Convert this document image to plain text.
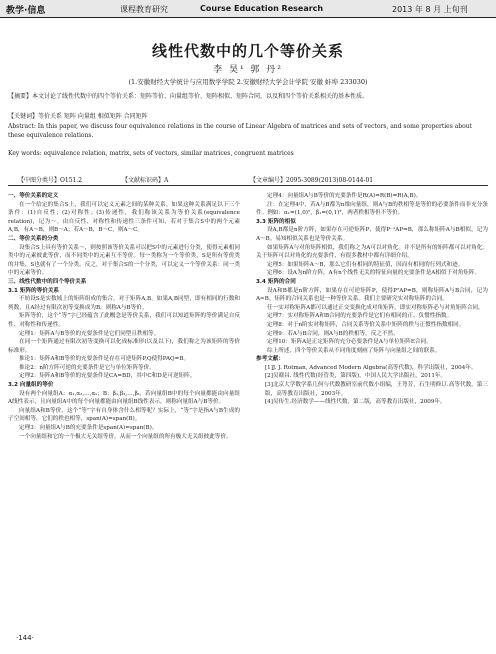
教学·信息	课程教育研究	Course Education Research	2013 年 8 月 上旬刊
线性代数中的几个等价关系
李 昊¹ 郭 丹²
(1.安徽财经大学统计与应用数学学院 2.安徽财经大学会计学院 安徽 蚌埠 233030)
【摘要】本文讨论了线性代数中的四个等价关系：矩阵等价、向量组等价、矩阵相似、矩阵合同，以及和四个等价关系相关的基本性质。
【关键词】等价关系 矩阵 向量组 相似矩阵 合同矩阵
Abstract: In this paper, we discuss four equivalence relations in the course of Linear Algebra of matrices and sets of vectors, and some properties about these equivalence relations.
Key words: equivalence relation, matrix, sets of vectors, similar matrices, congruent matrices
【中图分类号】O151.2	【文献标识码】A	【文章编号】2095-3089(2013)08-0144-01

一、等价关系的定义

在一个给定的集合S上，我们可以定义元素之间的某种关系。如果这种关系满足以下三个条件：(1)自反性；(2)对称性；(3)传递性，我们称该关系为等价关系(equivalence relation)，记为～。由自反性、对称性和传递性三条件可知，若对于集合S中的两个元素A,B，有A～B，则B～A；若A～B，B～C，则A～C。

二、等价关系的分类

设集合S上具有等价关系～，则按照该等价关系可以把S中的元素进行分类，使得元素相同类中的元素彼此等价，而不同类中的元素互不等价。每一类称为一个等价类，S是所有等价类的并集，S也就有了一个分类。反之，对于集合S的一个分类，可以定义一个等价关系：同一类中的元素等价。

三、线性代数中的四个等价关系

3.1 矩阵的等价关系

不妨设S是实数域上的矩阵组成的集合。对于矩阵A,B，如果A,B同型，即有相同的行数和列数，且A经过有限次初等变换成为B，则称A与B等价。

矩阵等价，这个“等”字已经蕴含了此概念是等价关系，我们可以知道矩阵的等价满足自反性、对称性和传递性。

定理1：矩阵A与B等价的充要条件是它们同型且秩相等。

在同一个矩阵通过有限次初等变换可以化成标准形(以及以下)，我们称之为该矩阵的等价标准形。

推论1：矩阵A和B等价的充要条件是存在可逆矩阵P,Q使得PAQ=B。

推论2：n阶方阵可逆的充要条件是它与单位矩阵等价。

定理2：矩阵A和B等价的充要条件是CA=BD，其中C和D是可逆矩阵。

3.2 向量组的等价

设有两个向量组A：α₁,α₂,…,αₛ；B：β₁,β₂,…,βₜ，若向量组B中的每个向量都能由向量组A线性表示，且向量组A中的每个向量都能由向量组B线性表示，则称向量组A与B等价。

向量组A和B等价，这个“等”字有自身体含什么相等呢？实际上，“等”字是指A与B生成的子空间相等，它们的秩也相等，span(A)=span(B)。

定理3：向量组A与B的充要条件是span(A)=span(B)。

一个向量组和它的一个极大无关组等价，从而一个向量组的所有极大无关组彼此等价。

定理4：向量组A与B等价的充要条件是R(A)=R(B)=R(A,B)。

注：在定理4中，若A与B都为n维向量组，则A与B的秩相等是等价的必要条件而非充分条件。例如：α₁=(1,0)ᵀ，β₁=(0,1)ᵀ，两者秩相等但不等价。

3.3 矩阵的相似

设A,B都是n阶方阵，如果存在可逆矩阵P，使得P⁻¹AP=B，那么称矩阵A与B相似，记为A～B。易知相似关系也是等价关系。

如果矩阵A与对角矩阵相似，我们称之为A可以对角化。并不是所有的矩阵都可以对角化。关于矩阵可以对角化的充要条件，有很多教材中都有详细介绍。

定理5：如果矩阵A～B，那么它们有相同的特征值，因而有相同的行列式和迹。

定理6：设A为n阶方阵，A有n个线性无关的特征向量的充要条件是A相似于对角矩阵。

3.4 矩阵的合同

设A和B都是n阶方阵，如果存在可逆矩阵P，使得PᵀAP=B，则称矩阵A与B合同，记为A≃B。矩阵的合同关系也是一种等价关系。我们主要研究实对称矩阵的合同。

任一实对称矩阵A都可以通过正交变换化成对角矩阵，即实对称矩阵必与对角矩阵合同。

定理7：实对称矩阵A和B合同的充要条件是它们有相同的正、负惯性指数。

定理8：对于n阶实对称矩阵，合同关系等价关系中矩阵的秩与正惯性指数相同。

定理9：若A与B合同，则A与B的秩相等，反之不然。

定理10：矩阵A是正定矩阵的充分必要条件是A与单位矩阵E合同。

综上所述，四个等价关系从不同角度刻画了矩阵与向量组之间的联系。

参考文献：

[1]J. J. Rotman, Advanced Modern Algebra(高等代数)，科学出版社，2004年。

[2]吴赣昌. 线性代数(经管类，第四版)，中国人民大学出版社，2011年。

[3]北京大学数学系几何与代数教研室前代数小组编，王萼芳，石生明修订.高等代数，第三版，高等教育出版社，2003年。

[4]吴传生.经济数学——线性代数，第二版，高等教育出版社，2009年。

·144·
